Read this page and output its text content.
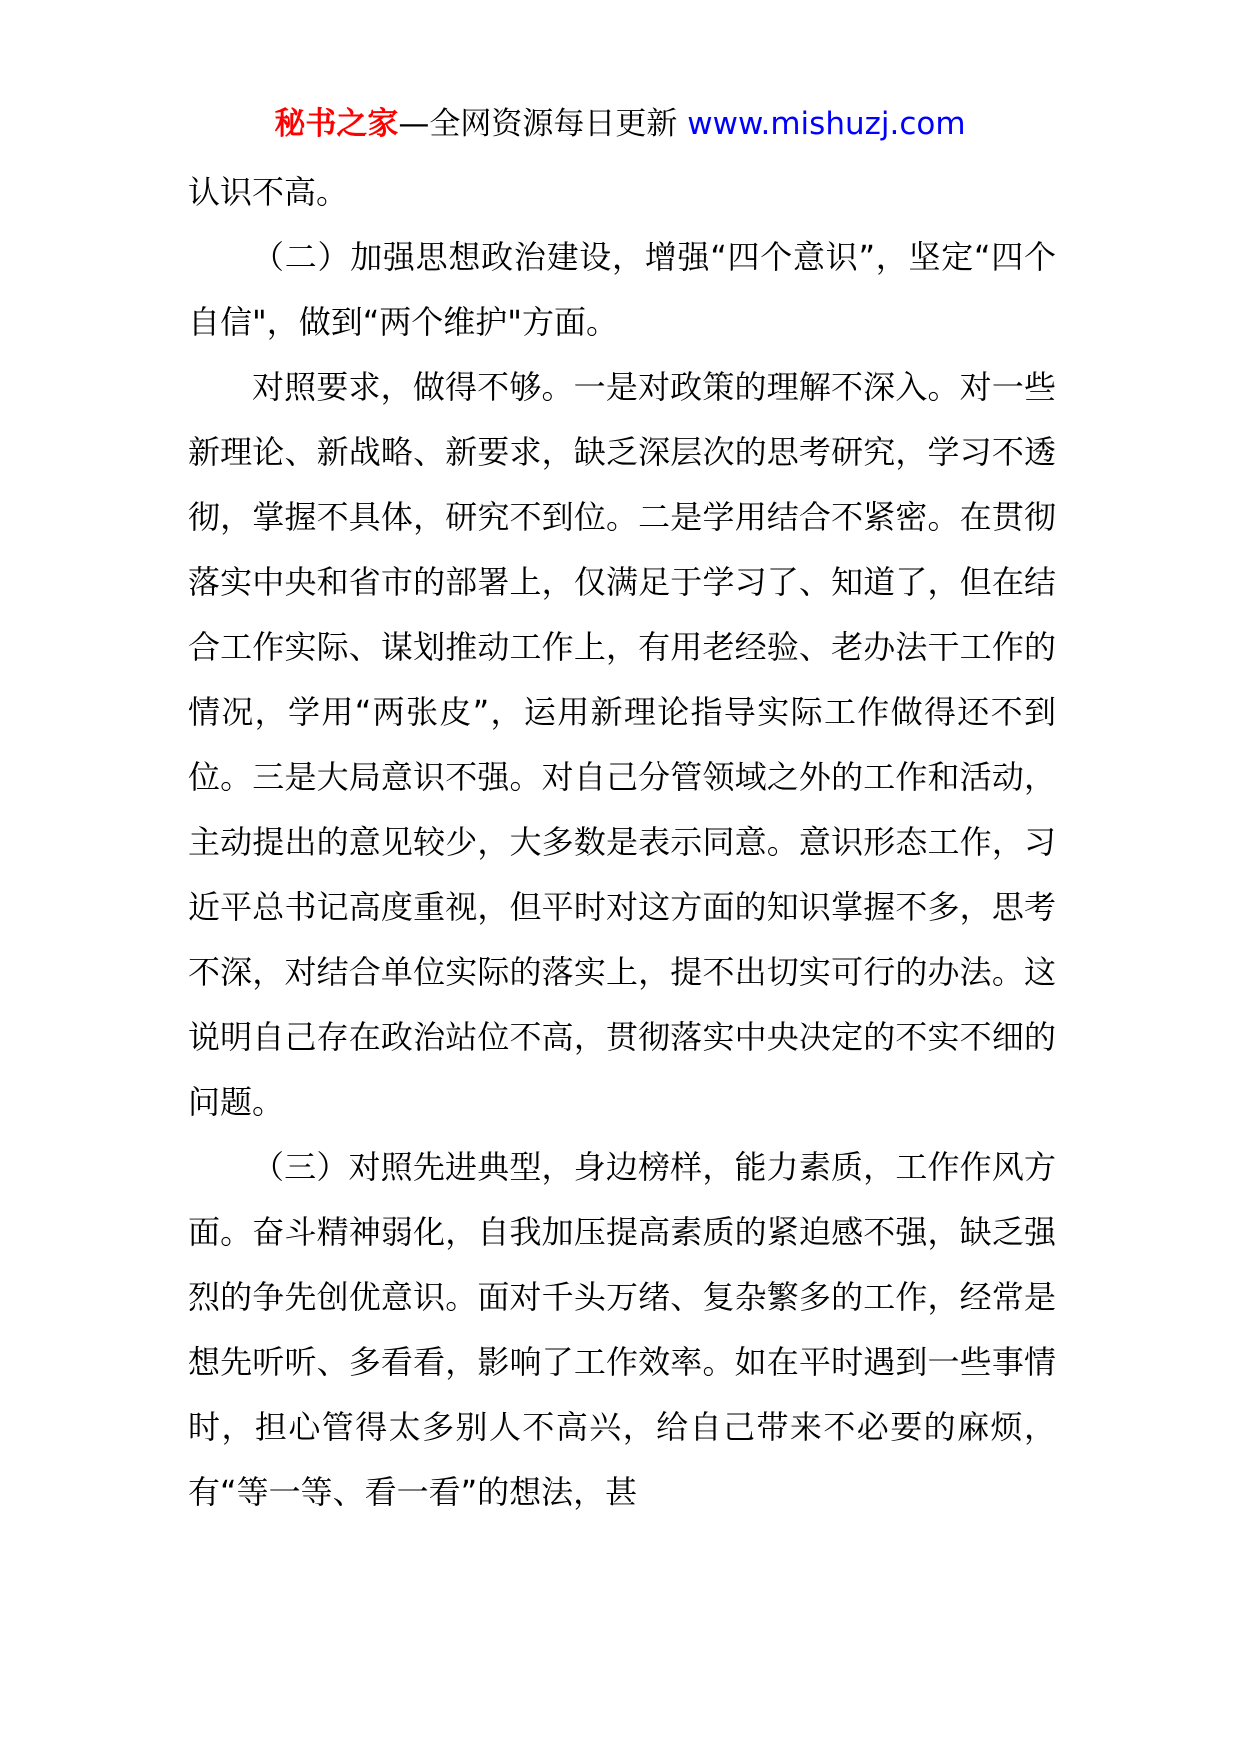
秘书之家—全网资源每日更新 www.mishuzj.com

认识不高。

（二）加强思想政治建设，增强“四个意识”，坚定“四个自信"，做到“两个维护"方面。

对照要求，做得不够。一是对政策的理解不深入。对一些新理论、新战略、新要求，缺乏深层次的思考研究，学习不透彻，掌握不具体，研究不到位。二是学用结合不紧密。在贯彻落实中央和省市的部署上，仅满足于学习了、知道了，但在结合工作实际、谋划推动工作上，有用老经验、老办法干工作的情况，学用“两张皮”，运用新理论指导实际工作做得还不到位。三是大局意识不强。对自己分管领域之外的工作和活动，主动提出的意见较少，大多数是表示同意。意识形态工作，习近平总书记高度重视，但平时对这方面的知识掌握不多，思考不深，对结合单位实际的落实上，提不出切实可行的办法。这说明自己存在政治站位不高，贯彻落实中央决定的不实不细的问题。

（三）对照先进典型，身边榜样，能力素质，工作作风方面。奋斗精神弱化，自我加压提高素质的紧迫感不强，缺乏强烈的争先创优意识。面对千头万绪、复杂繁多的工作，经常是想先听听、多看看，影响了工作效率。如在平时遇到一些事情时，担心管得太多别人不高兴，给自己带来不必要的麻烦，有“等一等、看一看”的想法，甚
